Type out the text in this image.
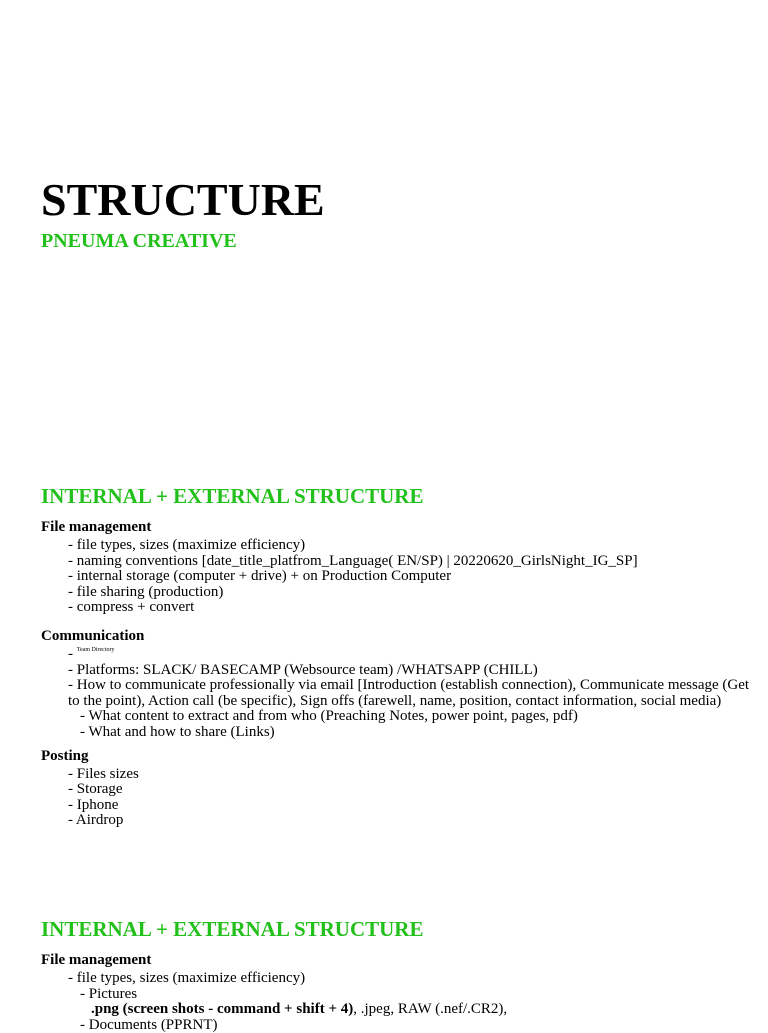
STRUCTURE
PNEUMA CREATIVE
INTERNAL + EXTERNAL STRUCTURE
File management
- file types, sizes (maximize efficiency)
- naming conventions [date_title_platfrom_Language( EN/SP) | 20220620_GirlsNight_IG_SP]
- internal storage (computer + drive) + on Production Computer
- file sharing (production)
- compress + convert
Communication
- $^{Team Directory}$
- Platforms: SLACK/ BASECAMP (Websource team) /WHATSAPP (CHILL)
- How to communicate professionally via email [Introduction (establish connection), Communicate message (Get to the point), Action call (be specific), Sign offs (farewell, name, position, contact information, social media)
- What content to extract and from who (Preaching Notes, power point, pages, pdf)
- What and how to share (Links)
Posting
- Files sizes
- Storage
- Iphone
- Airdrop
INTERNAL + EXTERNAL STRUCTURE
File management
- file types, sizes (maximize efficiency)
- Pictures
.png (screen shots - command + shift + 4), .jpeg, RAW (.nef/.CR2),
- Documents (PPRNT)
